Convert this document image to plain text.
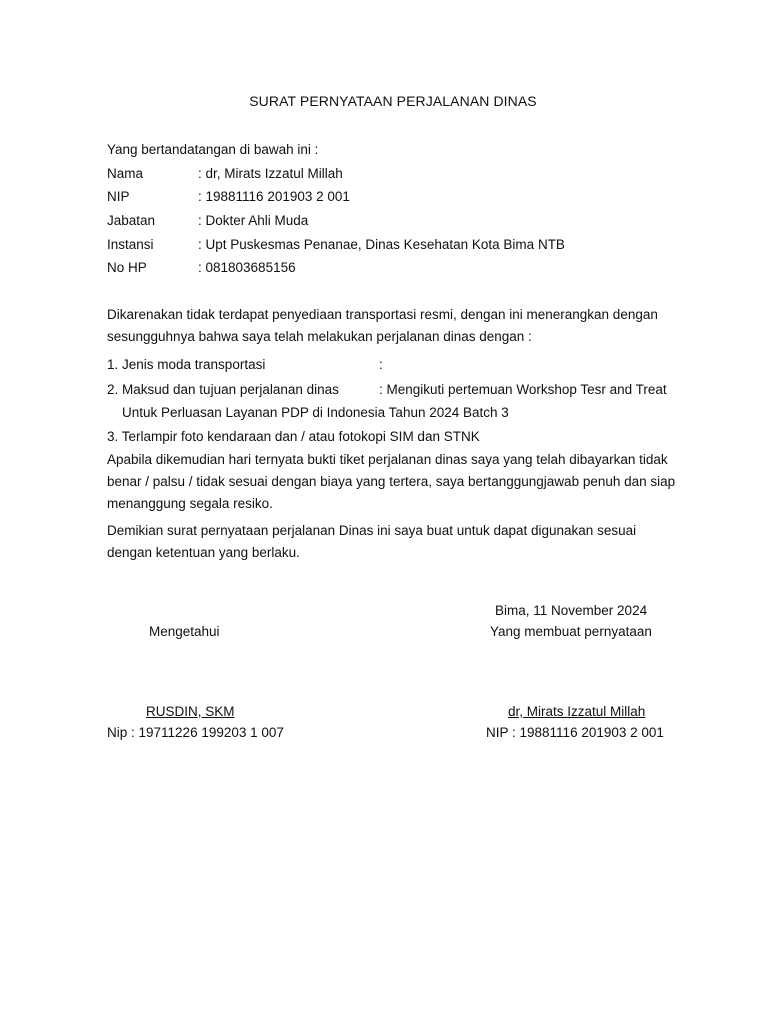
SURAT PERNYATAAN PERJALANAN DINAS
Yang bertandatangan di bawah ini :
Nama	: dr, Mirats Izzatul Millah
NIP	: 19881116 201903 2 001
Jabatan	: Dokter Ahli Muda
Instansi	: Upt Puskesmas Penanae, Dinas Kesehatan Kota Bima NTB
No HP	: 081803685156
Dikarenakan tidak terdapat penyediaan transportasi resmi, dengan ini menerangkan dengan sesungguhnya bahwa saya telah melakukan perjalanan dinas dengan :
1. Jenis moda transportasi	:
2. Maksud dan tujuan perjalanan dinas	: Mengikuti pertemuan Workshop Tesr and Treat
Untuk Perluasan Layanan PDP di Indonesia Tahun 2024 Batch 3
3. Terlampir foto kendaraan dan / atau fotokopi SIM dan STNK
Apabila dikemudian hari ternyata bukti tiket perjalanan dinas saya yang telah dibayarkan tidak benar / palsu / tidak sesuai dengan biaya yang tertera, saya bertanggungjawab penuh dan siap menanggung segala resiko.
Demikian surat pernyataan perjalanan Dinas ini saya buat untuk dapat digunakan sesuai dengan ketentuan yang berlaku.
Bima, 11 November 2024
Mengetahui	Yang membuat pernyataan
RUSDIN, SKM	dr, Mirats Izzatul Millah
Nip : 19711226 199203 1 007	NIP : 19881116 201903 2 001
